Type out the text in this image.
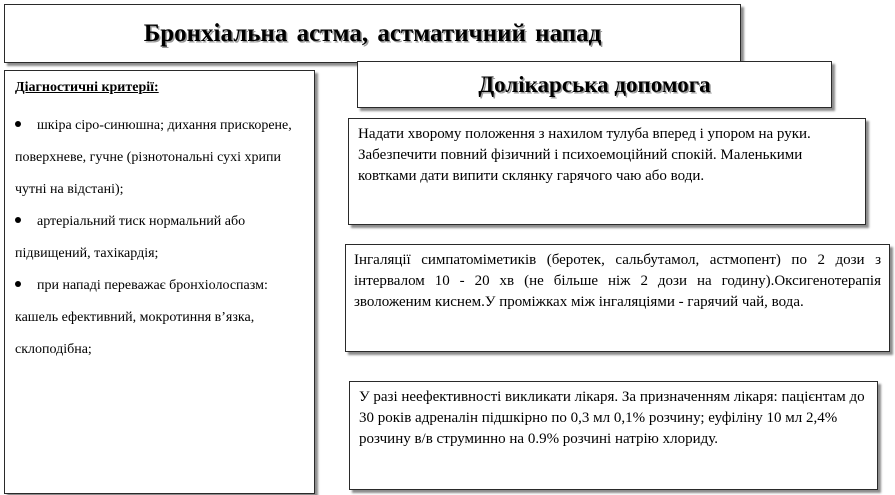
Бронхіальна астма, астматичний напад
Діагностичні критерії:
шкіра сіро-синюшна; дихання прискорене, поверхневе, гучне (різнотональні сухі хрипи чутні на відстані);
артеріальний тиск нормальний або підвищений, тахікардія;
при нападі переважає бронхіолоспазм: кашель ефективний, мокротиння в’язка, склоподібна;
Долікарська допомога

Надати хворому положення з нахилом тулуба вперед і упором на руки. Забезпечити повний фізичний і психоемоційний спокій. Маленькими ковтками дати випити склянку гарячого чаю або води.

Інгаляції симпатоміметиків (беротек, сальбутамол, астмопент) по 2 дози з інтервалом 10 - 20 хв (не більше ніж 2 дози на годину).Оксигенотерапія зволоженим киснем.У проміжках між інгаляціями - гарячий чай, вода.

У разі неефективності викликати лікаря. За призначенням лікаря: пацієнтам до 30 років адреналін підшкірно по 0,3 мл 0,1% розчину; еуфіліну 10 мл 2,4% розчину в/в струминно на 0.9% розчині натрію хлориду.
